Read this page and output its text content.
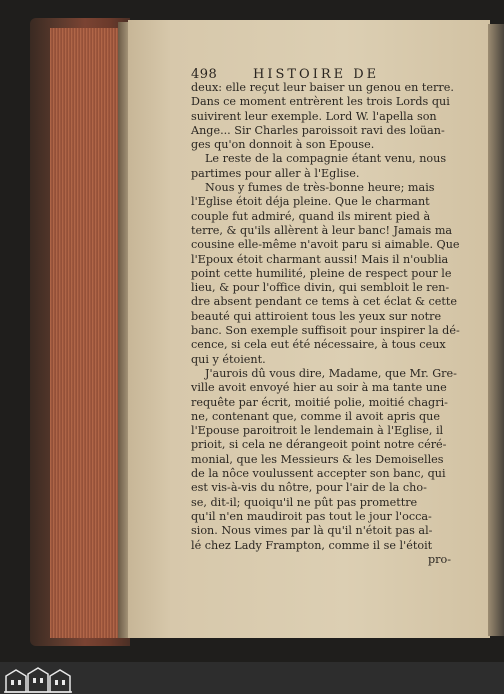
498	HISTOIRE DE
deux: elle reçut leur baiser un genou en terre.
Dans ce moment entrèrent les trois Lords qui
suivirent leur exemple. Lord W. l'apella son
Ange... Sir Charles paroissoit ravi des loüan-
ges qu'on donnoit à son Epouse.
Le reste de la compagnie étant venu, nous
partimes pour aller à l'Eglise.
Nous y fumes de très-bonne heure; mais
l'Eglise étoit déja pleine. Que le charmant
couple fut admiré, quand ils mirent pied à
terre, & qu'ils allèrent à leur banc! Jamais ma
cousine elle-même n'avoit paru si aimable. Que
l'Epoux étoit charmant aussi! Mais il n'oublia
point cette humilité, pleine de respect pour le
lieu, & pour l'office divin, qui sembloit le ren-
dre absent pendant ce tems à cet éclat & cette
beauté qui attiroient tous les yeux sur notre
banc. Son exemple suffisoit pour inspirer la dé-
cence, si cela eut été nécessaire, à tous ceux
qui y étoient.
J'aurois dû vous dire, Madame, que Mr. Gre-
ville avoit envoyé hier au soir à ma tante une
requête par écrit, moitié polie, moitié chagri-
ne, contenant que, comme il avoit apris que
l'Epouse paroitroit le lendemain à l'Eglise, il
prioit, si cela ne dérangeoit point notre céré-
monial, que les Messieurs & les Demoiselles
de la nôce voulussent accepter son banc, qui
est vis-à-vis du nôtre, pour l'air de la cho-
se, dit-il; quoiqu'il ne pût pas promettre
qu'il n'en maudiroit pas tout le jour l'occa-
sion. Nous vimes par là qu'il n'étoit pas al-
lé chez Lady Frampton, comme il se l'étoit
pro-
